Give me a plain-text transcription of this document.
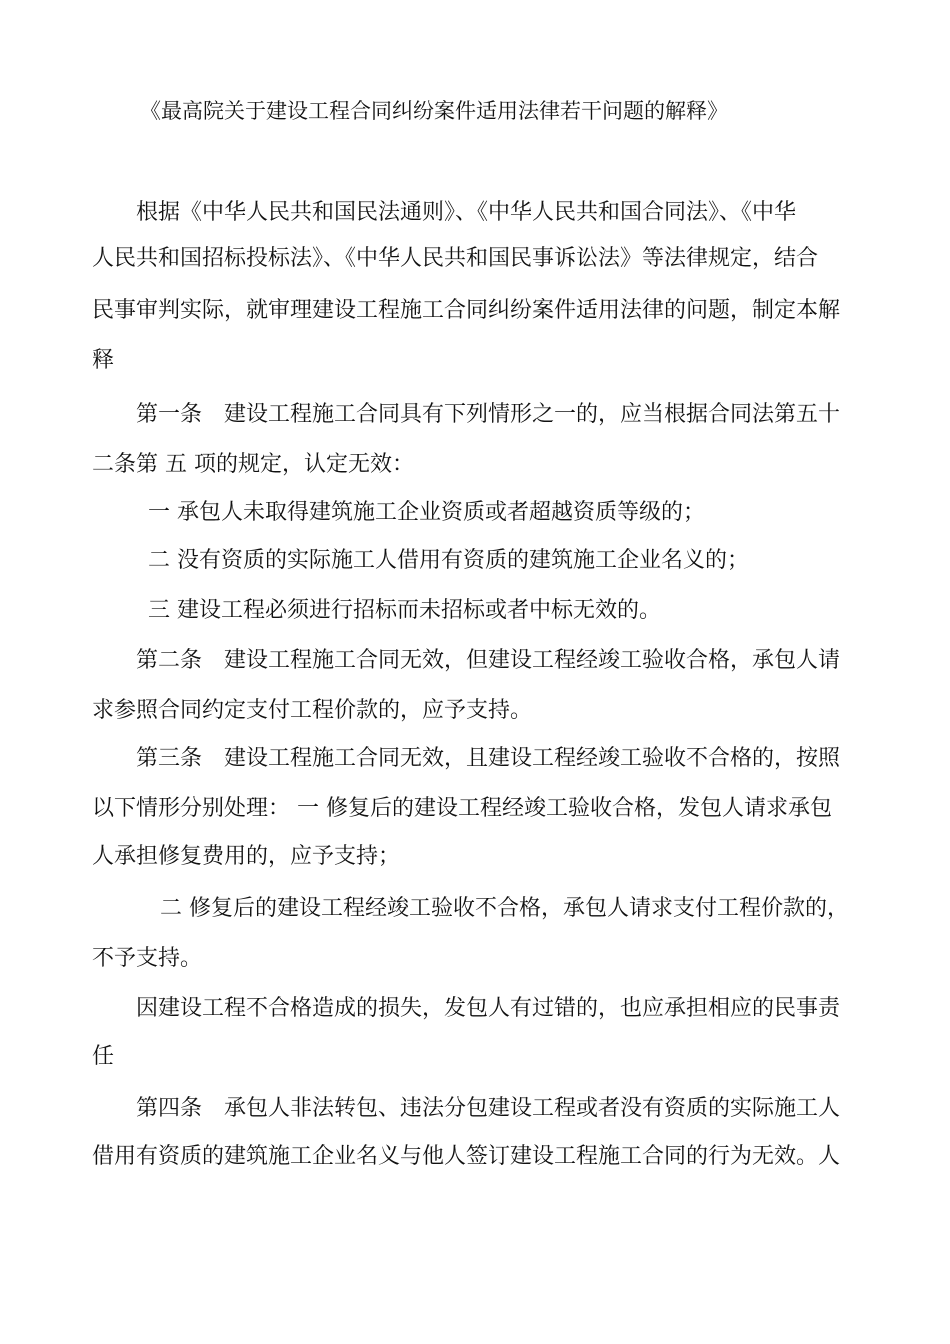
《最高院关于建设工程合同纠纷案件适用法律若干问题的解释》
根据《中华人民共和国民法通则》、《中华人民共和国合同法》、《中华
人民共和国招标投标法》、《中华人民共和国民事诉讼法》等法律规定，结合
民事审判实际，就审理建设工程施工合同纠纷案件适用法律的问题，制定本解
释
第一条 建设工程施工合同具有下列情形之一的，应当根据合同法第五十
二条第 五 项的规定，认定无效：
一 承包人未取得建筑施工企业资质或者超越资质等级的；
二 没有资质的实际施工人借用有资质的建筑施工企业名义的；
三 建设工程必须进行招标而未招标或者中标无效的。
第二条 建设工程施工合同无效，但建设工程经竣工验收合格，承包人请
求参照合同约定支付工程价款的，应予支持。
第三条 建设工程施工合同无效，且建设工程经竣工验收不合格的，按照
以下情形分别处理： 一 修复后的建设工程经竣工验收合格，发包人请求承包
人承担修复费用的，应予支持；
二 修复后的建设工程经竣工验收不合格，承包人请求支付工程价款的，
不予支持。
因建设工程不合格造成的损失，发包人有过错的，也应承担相应的民事责
任
第四条 承包人非法转包、违法分包建设工程或者没有资质的实际施工人
借用有资质的建筑施工企业名义与他人签订建设工程施工合同的行为无效。人
